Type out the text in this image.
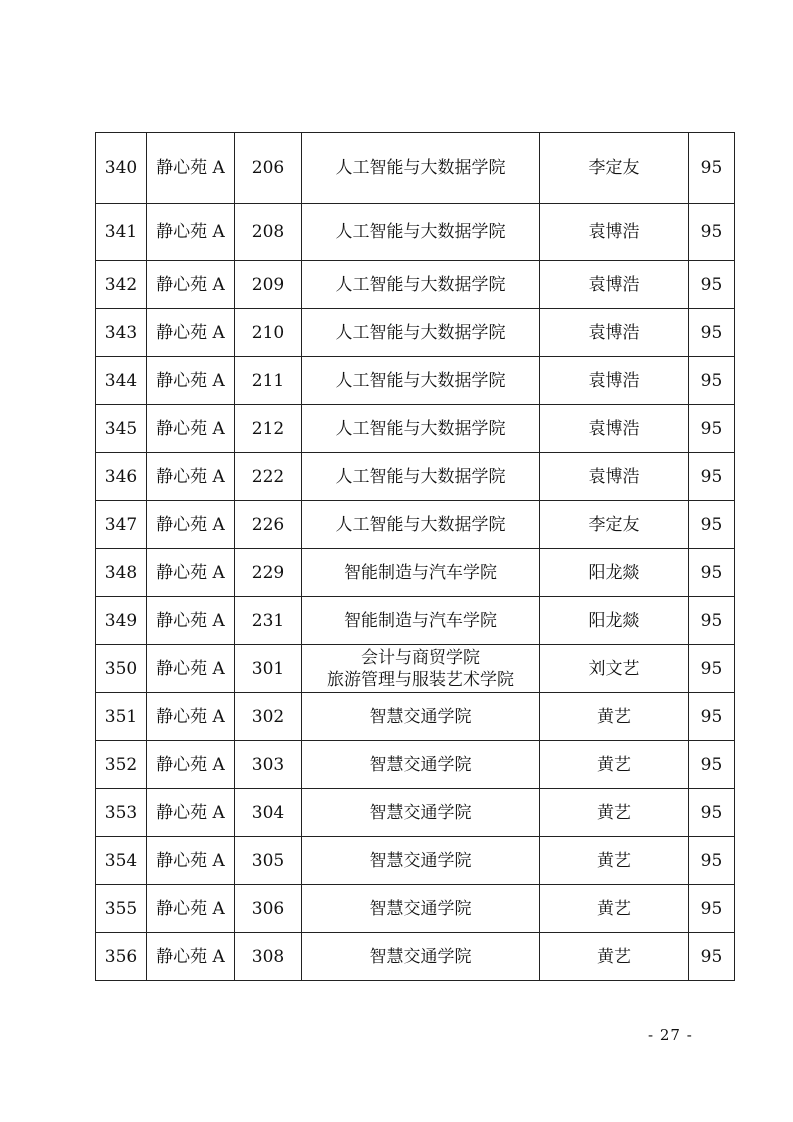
340	静心苑 A	206	人工智能与大数据学院	李定友	95
341	静心苑 A	208	人工智能与大数据学院	袁博浩	95
342	静心苑 A	209	人工智能与大数据学院	袁博浩	95
343	静心苑 A	210	人工智能与大数据学院	袁博浩	95
344	静心苑 A	211	人工智能与大数据学院	袁博浩	95
345	静心苑 A	212	人工智能与大数据学院	袁博浩	95
346	静心苑 A	222	人工智能与大数据学院	袁博浩	95
347	静心苑 A	226	人工智能与大数据学院	李定友	95
348	静心苑 A	229	智能制造与汽车学院	阳龙燚	95
349	静心苑 A	231	智能制造与汽车学院	阳龙燚	95
350	静心苑 A	301	会计与商贸学院
旅游管理与服装艺术学院	刘文艺	95
351	静心苑 A	302	智慧交通学院	黄艺	95
352	静心苑 A	303	智慧交通学院	黄艺	95
353	静心苑 A	304	智慧交通学院	黄艺	95
354	静心苑 A	305	智慧交通学院	黄艺	95
355	静心苑 A	306	智慧交通学院	黄艺	95
356	静心苑 A	308	智慧交通学院	黄艺	95
- 27 -
